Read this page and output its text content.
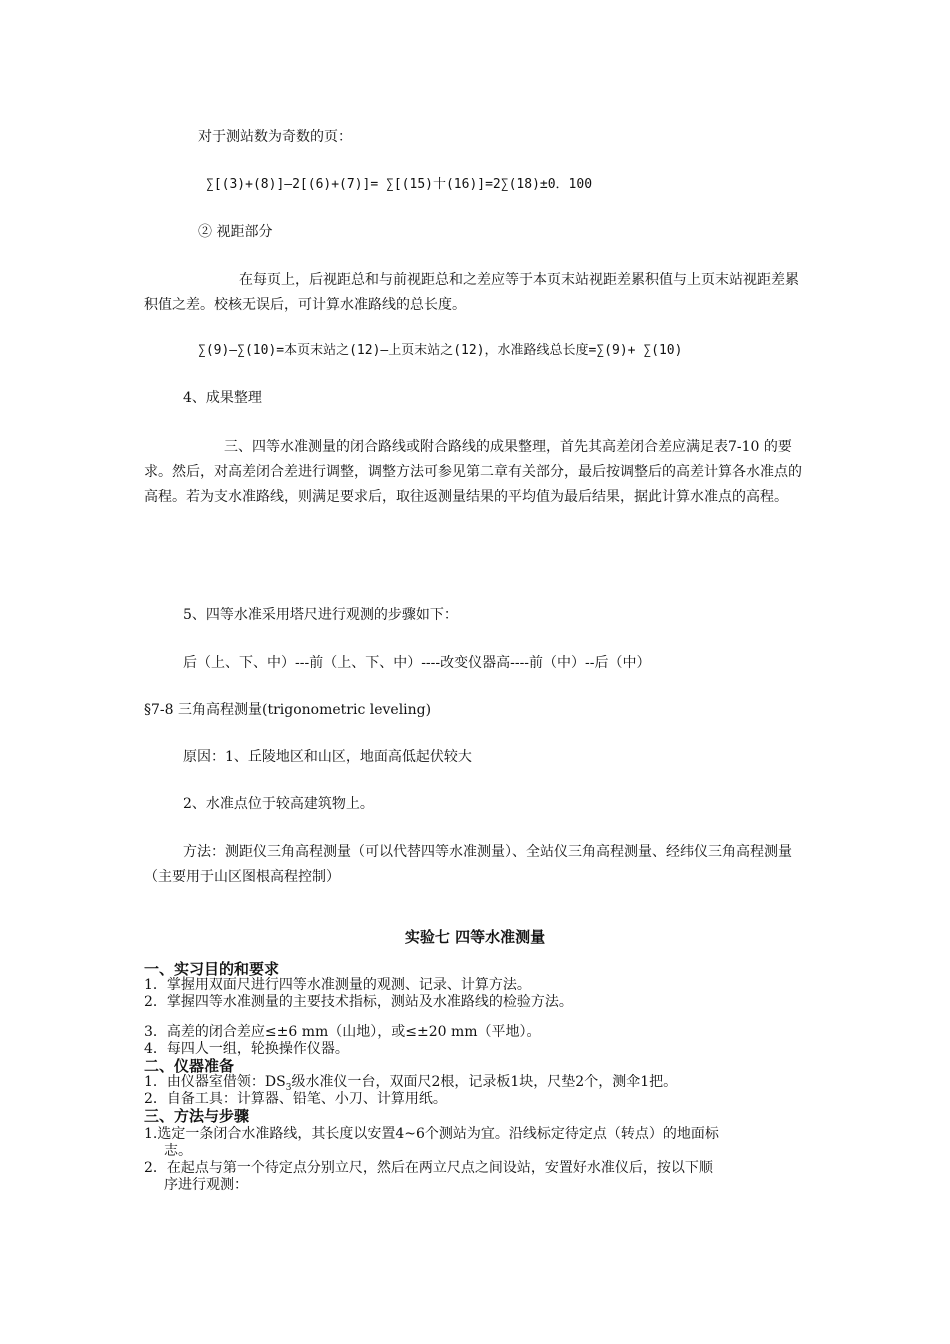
对于测站数为奇数的页：
∑[(3)+(8)]—2[(6)+(7)]= ∑[(15)十(16)]=2∑(18)±0．100
② 视距部分
在每页上，后视距总和与前视距总和之差应等于本页末站视距差累积值与上页末站视距差累积值之差。校核无误后，可计算水准路线的总长度。
∑(9)—∑(10)=本页末站之(12)—上页末站之(12)，水准路线总长度=∑(9)+ ∑(10)
4、成果整理
三、四等水准测量的闭合路线或附合路线的成果整理，首先其高差闭合差应满足表7-10 的要求。然后，对高差闭合差进行调整，调整方法可参见第二章有关部分，最后按调整后的高差计算各水准点的高程。若为支水准路线，则满足要求后，取往返测量结果的平均值为最后结果，据此计算水准点的高程。
5、四等水准采用塔尺进行观测的步骤如下：
后（上、下、中）---前（上、下、中）----改变仪器高----前（中）--后（中）
§7-8 三角高程测量(trigonometric leveling)
原因：1、丘陵地区和山区，地面高低起伏较大
2、水准点位于较高建筑物上。
方法：测距仪三角高程测量（可以代替四等水准测量）、全站仪三角高程测量、经纬仪三角高程测量（主要用于山区图根高程控制）
实验七 四等水准测量
一、实习目的和要求
1．掌握用双面尺进行四等水准测量的观测、记录、计算方法。
2．掌握四等水准测量的主要技术指标，测站及水准路线的检验方法。
3．高差的闭合差应≤±6 mm（山地），或≤±20 mm（平地）。
4．每四人一组，轮换操作仪器。
二、仪器准备
1．由仪器室借领：$DS_3$级水准仪一台，双面尺2根，记录板1块，尺垫2个，测伞1把。
2．自备工具：计算器、铅笔、小刀、计算用纸。
三、方法与步骤
1.选定一条闭合水准路线，其长度以安置4~6个测站为宜。沿线标定待定点（转点）的地面标
志。
2．在起点与第一个待定点分别立尺，然后在两立尺点之间设站，安置好水准仪后，按以下顺
序进行观测：
